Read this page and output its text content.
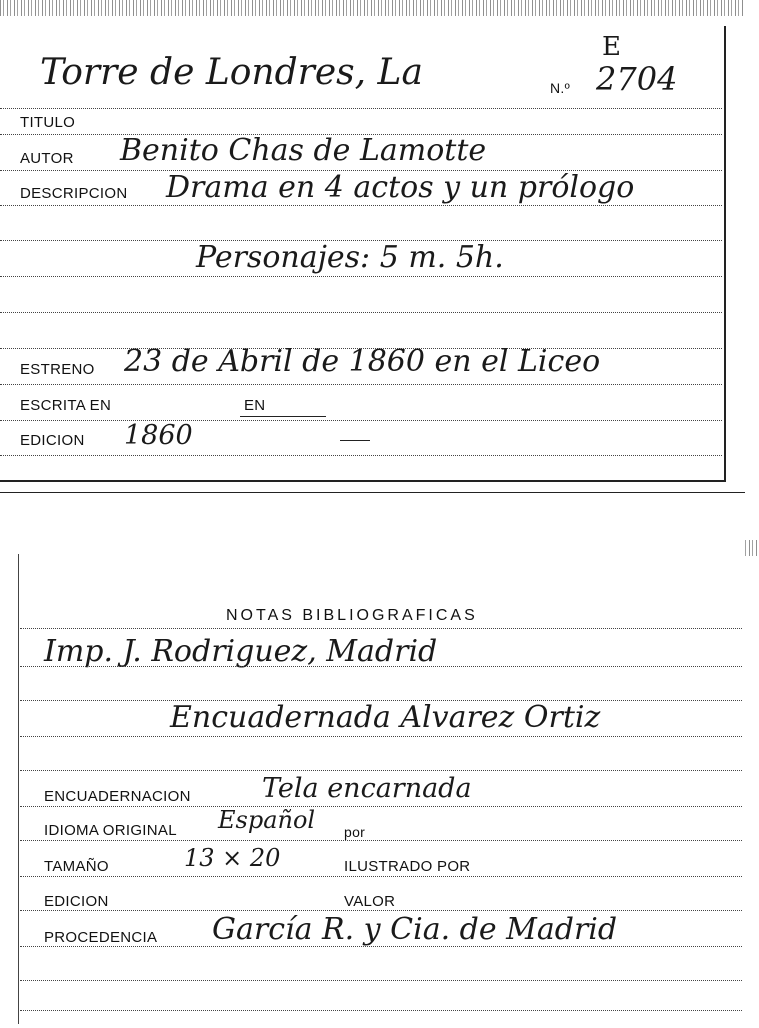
Torre de Londres, La	N.º 2704
E
TITULO
AUTOR Benito Chas de Lamotte
DESCRIPCION Drama en 4 actos y un prólogo
Personajes: 5 m. 5h.
ESTRENO 23 de Abril de 1860 en el Liceo
ESCRITA EN	EN
EDICION 1860
NOTAS BIBLIOGRAFICAS
Imp. J. Rodriguez, Madrid
Encuadernada Alvarez Ortiz
ENCUADERNACION	Tela encarnada
IDIOMA ORIGINAL Español por
TAMAÑO	13 × 20	ILUSTRADO POR
EDICION	VALOR
PROCEDENCIA García R. y Cia. de Madrid
